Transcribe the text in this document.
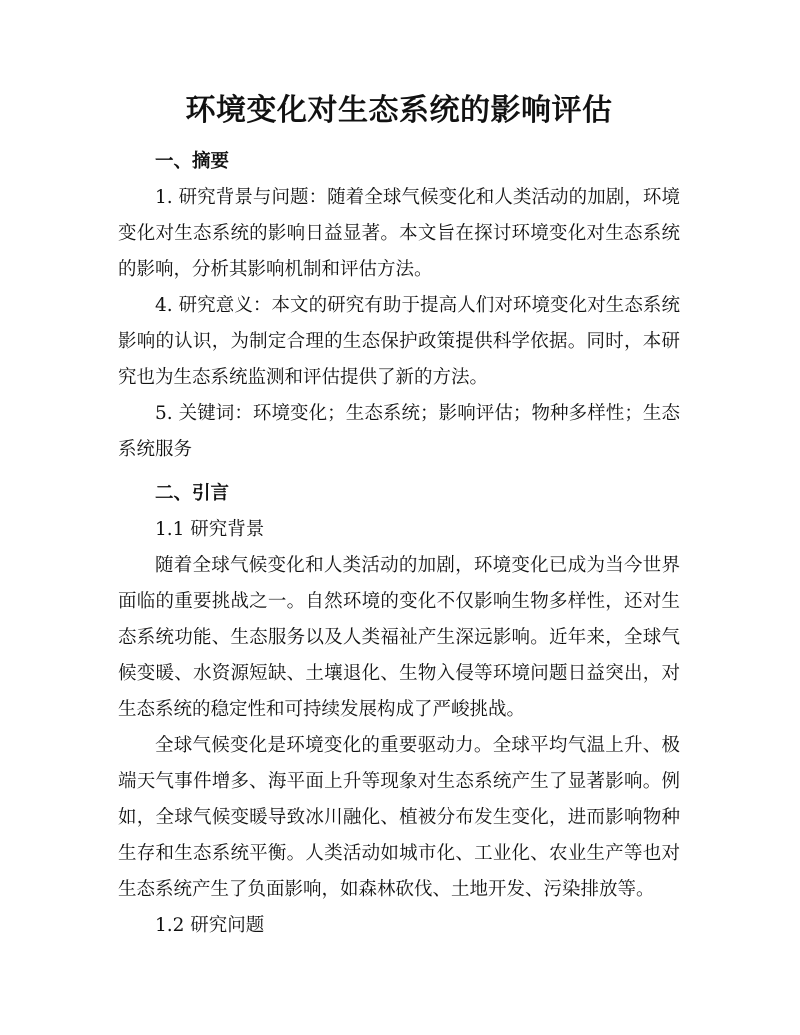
环境变化对生态系统的影响评估
一、摘要

1. 研究背景与问题：随着全球气候变化和人类活动的加剧，环境变化对生态系统的影响日益显著。本文旨在探讨环境变化对生态系统的影响，分析其影响机制和评估方法。

4. 研究意义：本文的研究有助于提高人们对环境变化对生态系统影响的认识，为制定合理的生态保护政策提供科学依据。同时，本研究也为生态系统监测和评估提供了新的方法。

5. 关键词：环境变化；生态系统；影响评估；物种多样性；生态系统服务

二、引言

1.1 研究背景

随着全球气候变化和人类活动的加剧，环境变化已成为当今世界面临的重要挑战之一。自然环境的变化不仅影响生物多样性，还对生态系统功能、生态服务以及人类福祉产生深远影响。近年来，全球气候变暖、水资源短缺、土壤退化、生物入侵等环境问题日益突出，对生态系统的稳定性和可持续发展构成了严峻挑战。

全球气候变化是环境变化的重要驱动力。全球平均气温上升、极端天气事件增多、海平面上升等现象对生态系统产生了显著影响。例如，全球气候变暖导致冰川融化、植被分布发生变化，进而影响物种生存和生态系统平衡。人类活动如城市化、工业化、农业生产等也对生态系统产生了负面影响，如森林砍伐、土地开发、污染排放等。

1.2 研究问题
